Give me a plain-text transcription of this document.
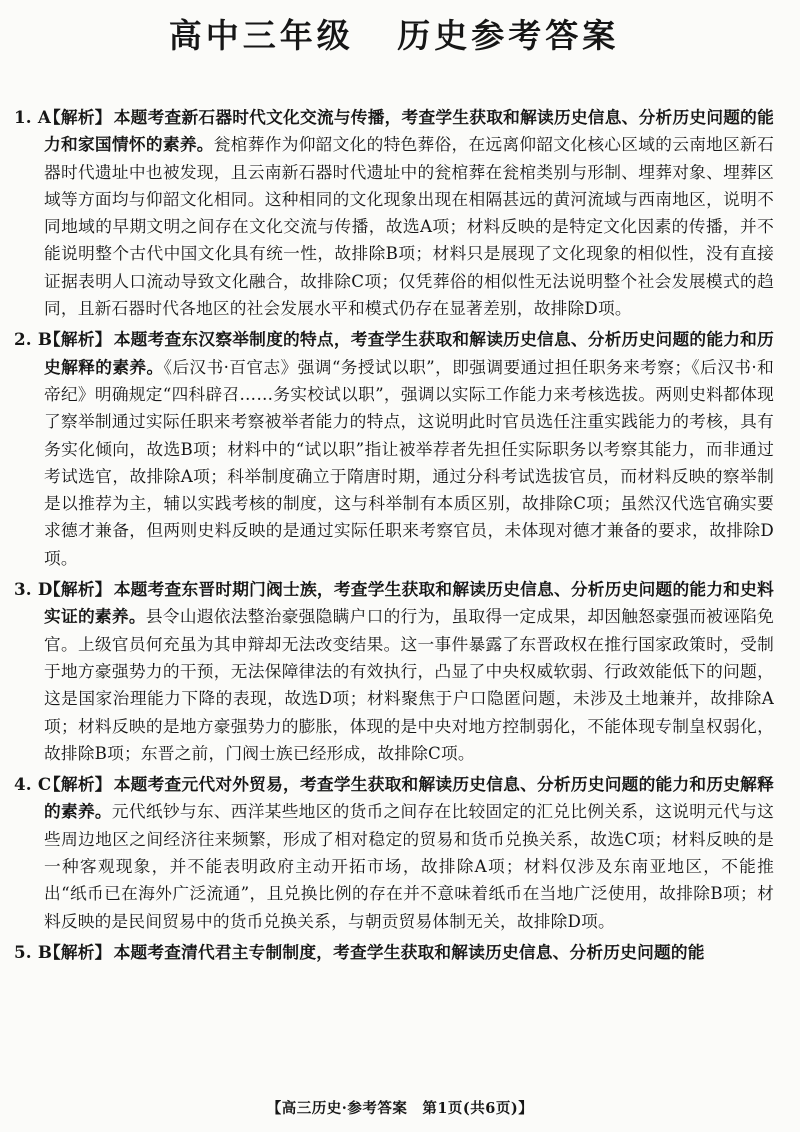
高中三年级 历史参考答案

1. A
【解析】 本题考查新石器时代文化交流与传播，考查学生获取和解读历史信息、分析历史问题的能力和家国情怀的素养。瓮棺葬作为仰韶文化的特色葬俗，在远离仰韶文化核心区域的云南地区新石器时代遗址中也被发现，且云南新石器时代遗址中的瓮棺葬在瓮棺类别与形制、埋葬对象、埋葬区域等方面均与仰韶文化相同。这种相同的文化现象出现在相隔甚远的黄河流域与西南地区，说明不同地域的早期文明之间存在文化交流与传播，故选A项；材料反映的是特定文化因素的传播，并不能说明整个古代中国文化具有统一性，故排除B项；材料只是展现了文化现象的相似性，没有直接证据表明人口流动导致文化融合，故排除C项；仅凭葬俗的相似性无法说明整个社会发展模式的趋同，且新石器时代各地区的社会发展水平和模式仍存在显著差别，故排除D项。

2. B
【解析】 本题考查东汉察举制度的特点，考查学生获取和解读历史信息、分析历史问题的能力和历史解释的素养。《后汉书·百官志》强调“务授试以职”，即强调要通过担任职务来考察；《后汉书·和帝纪》明确规定“四科辟召……务实校试以职”，强调以实际工作能力来考核选拔。两则史料都体现了察举制通过实际任职来考察被举者能力的特点，这说明此时官员选任注重实践能力的考核，具有务实化倾向，故选B项；材料中的“试以职”指让被举荐者先担任实际职务以考察其能力，而非通过考试选官，故排除A项；科举制度确立于隋唐时期，通过分科考试选拔官员，而材料反映的察举制是以推荐为主，辅以实践考核的制度，这与科举制有本质区别，故排除C项；虽然汉代选官确实要求德才兼备，但两则史料反映的是通过实际任职来考察官员，未体现对德才兼备的要求，故排除D项。

3. D
【解析】 本题考查东晋时期门阀士族，考查学生获取和解读历史信息、分析历史问题的能力和史料实证的素养。县令山遐依法整治豪强隐瞒户口的行为，虽取得一定成果，却因触怒豪强而被诬陷免官。上级官员何充虽为其申辩却无法改变结果。这一事件暴露了东晋政权在推行国家政策时，受制于地方豪强势力的干预，无法保障律法的有效执行，凸显了中央权威软弱、行政效能低下的问题，这是国家治理能力下降的表现，故选D项；材料聚焦于户口隐匿问题，未涉及土地兼并，故排除A项；材料反映的是地方豪强势力的膨胀，体现的是中央对地方控制弱化，不能体现专制皇权弱化，故排除B项；东晋之前，门阀士族已经形成，故排除C项。

4. C
【解析】 本题考查元代对外贸易，考查学生获取和解读历史信息、分析历史问题的能力和历史解释的素养。元代纸钞与东、西洋某些地区的货币之间存在比较固定的汇兑比例关系，这说明元代与这些周边地区之间经济往来频繁，形成了相对稳定的贸易和货币兑换关系，故选C项；材料反映的是一种客观现象，并不能表明政府主动开拓市场，故排除A项；材料仅涉及东南亚地区，不能推出“纸币已在海外广泛流通”，且兑换比例的存在并不意味着纸币在当地广泛使用，故排除B项；材料反映的是民间贸易中的货币兑换关系，与朝贡贸易体制无关，故排除D项。

5. B
【解析】 本题考查清代君主专制制度，考查学生获取和解读历史信息、分析历史问题的能

【高三历史·参考答案　第1页(共6页)】
